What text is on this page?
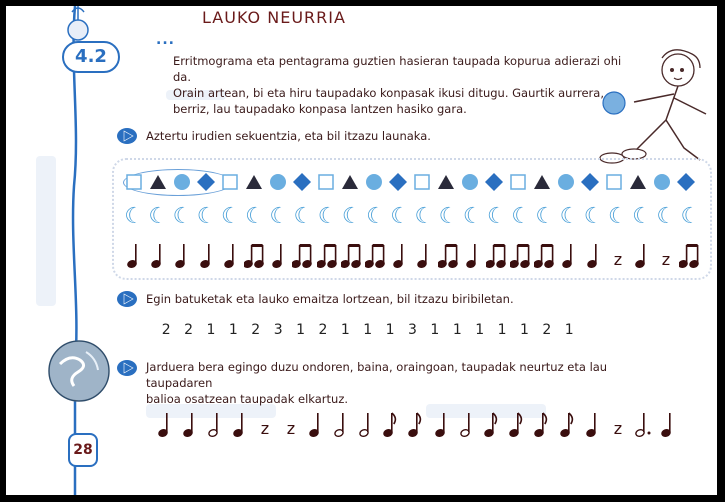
LAUKO NEURRIA
...
4.2	Erritmograma eta pentagrama guztien hasieran taupada kopurua adierazi ohi da.
Orain artean, bi eta hiru taupadako konpasak ikusi ditugu. Gaurtik aurrera,
berriz, lau taupadako konpasa lantzen hasiko gara.
Aztertu irudien sekuentzia, eta bil itzazu launaka.
☾ ☾ ☾ ☾ ☾ ☾ ☾ ☾ ☾ ☾ ☾ ☾ ☾ ☾ ☾ ☾ ☾ ☾ ☾ ☾ ☾ ☾ ☾ ☾
z z
Egin batuketak eta lauko emaitza lortzean, bil itzazu biribiletan.
2 2 1 1 2 3 1 2 1 1 1 3 1 1 1 1 1 2 1
Jarduera bera egingo duzu ondoren, baina, oraingoan, taupadak neurtuz eta lau taupadaren
balioa osatzean taupadak elkartuz.
z z	z
28
